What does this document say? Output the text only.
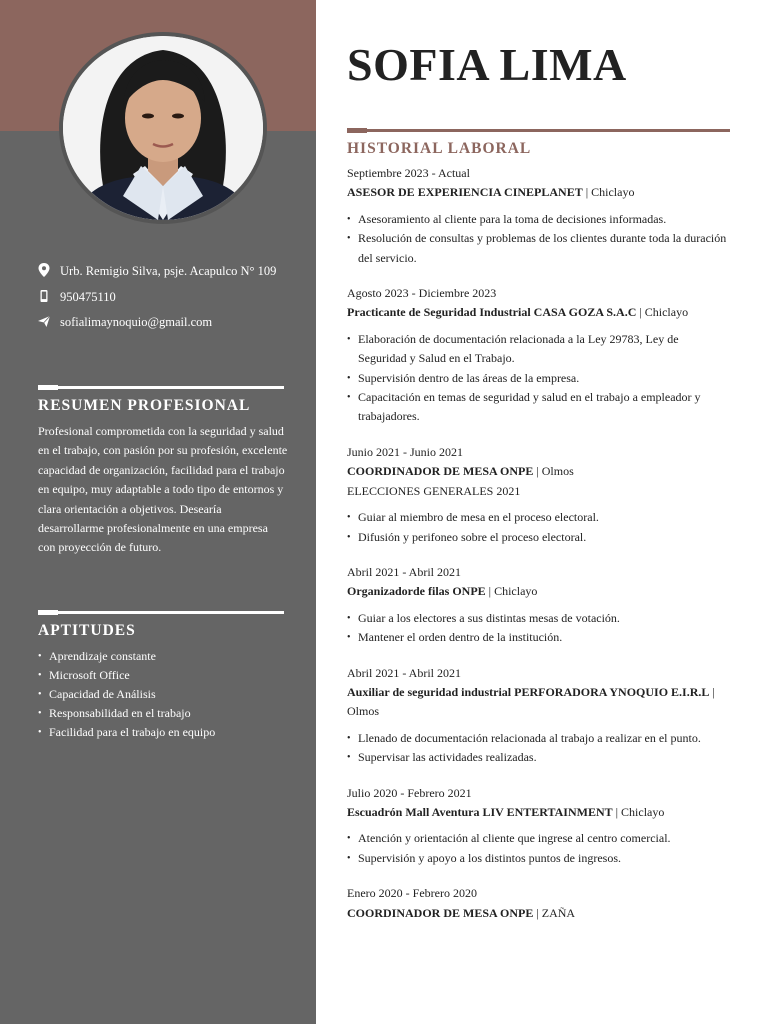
Urb. Remigio Silva, psje. Acapulco N° 109
950475110
sofialimaynoquio@gmail.com
RESUMEN PROFESIONAL

Profesional comprometida con la seguridad y salud en el trabajo, con pasión por su profesión, excelente capacidad de organización, facilidad para el trabajo en equipo, muy adaptable a todo tipo de entornos y clara orientación a objetivos. Desearía desarrollarme profesionalmente en una empresa con proyección de futuro.

APTITUDES
• Aprendizaje constante
• Microsoft Office
• Capacidad de Análisis
• Responsabilidad en el trabajo
• Facilidad para el trabajo en equipo
SOFIA LIMA
HISTORIAL LABORAL
Septiembre 2023 - Actual
ASESOR DE EXPERIENCIA CINEPLANET | Chiclayo
• Asesoramiento al cliente para la toma de decisiones informadas.
• Resolución de consultas y problemas de los clientes durante toda la duración del servicio.
Agosto 2023 - Diciembre 2023
Practicante de Seguridad Industrial CASA GOZA S.A.C | Chiclayo
• Elaboración de documentación relacionada a la Ley 29783, Ley de Seguridad y Salud en el Trabajo.
• Supervisión dentro de las áreas de la empresa.
• Capacitación en temas de seguridad y salud en el trabajo a empleador y trabajadores.
Junio 2021 - Junio 2021
COORDINADOR DE MESA ONPE | Olmos
ELECCIONES GENERALES 2021
• Guiar al miembro de mesa en el proceso electoral.
• Difusión y perifoneo sobre el proceso electoral.
Abril 2021 - Abril 2021
Organizadorde filas ONPE | Chiclayo
• Guiar a los electores a sus distintas mesas de votación.
• Mantener el orden dentro de la institución.
Abril 2021 - Abril 2021
Auxiliar de seguridad industrial PERFORADORA YNOQUIO E.I.R.L | Olmos
• Llenado de documentación relacionada al trabajo a realizar en el punto.
• Supervisar las actividades realizadas.
Julio 2020 - Febrero 2021
Escuadrón Mall Aventura LIV ENTERTAINMENT | Chiclayo
• Atención y orientación al cliente que ingrese al centro comercial.
• Supervisión y apoyo a los distintos puntos de ingresos.
Enero 2020 - Febrero 2020
COORDINADOR DE MESA ONPE | ZAÑA
